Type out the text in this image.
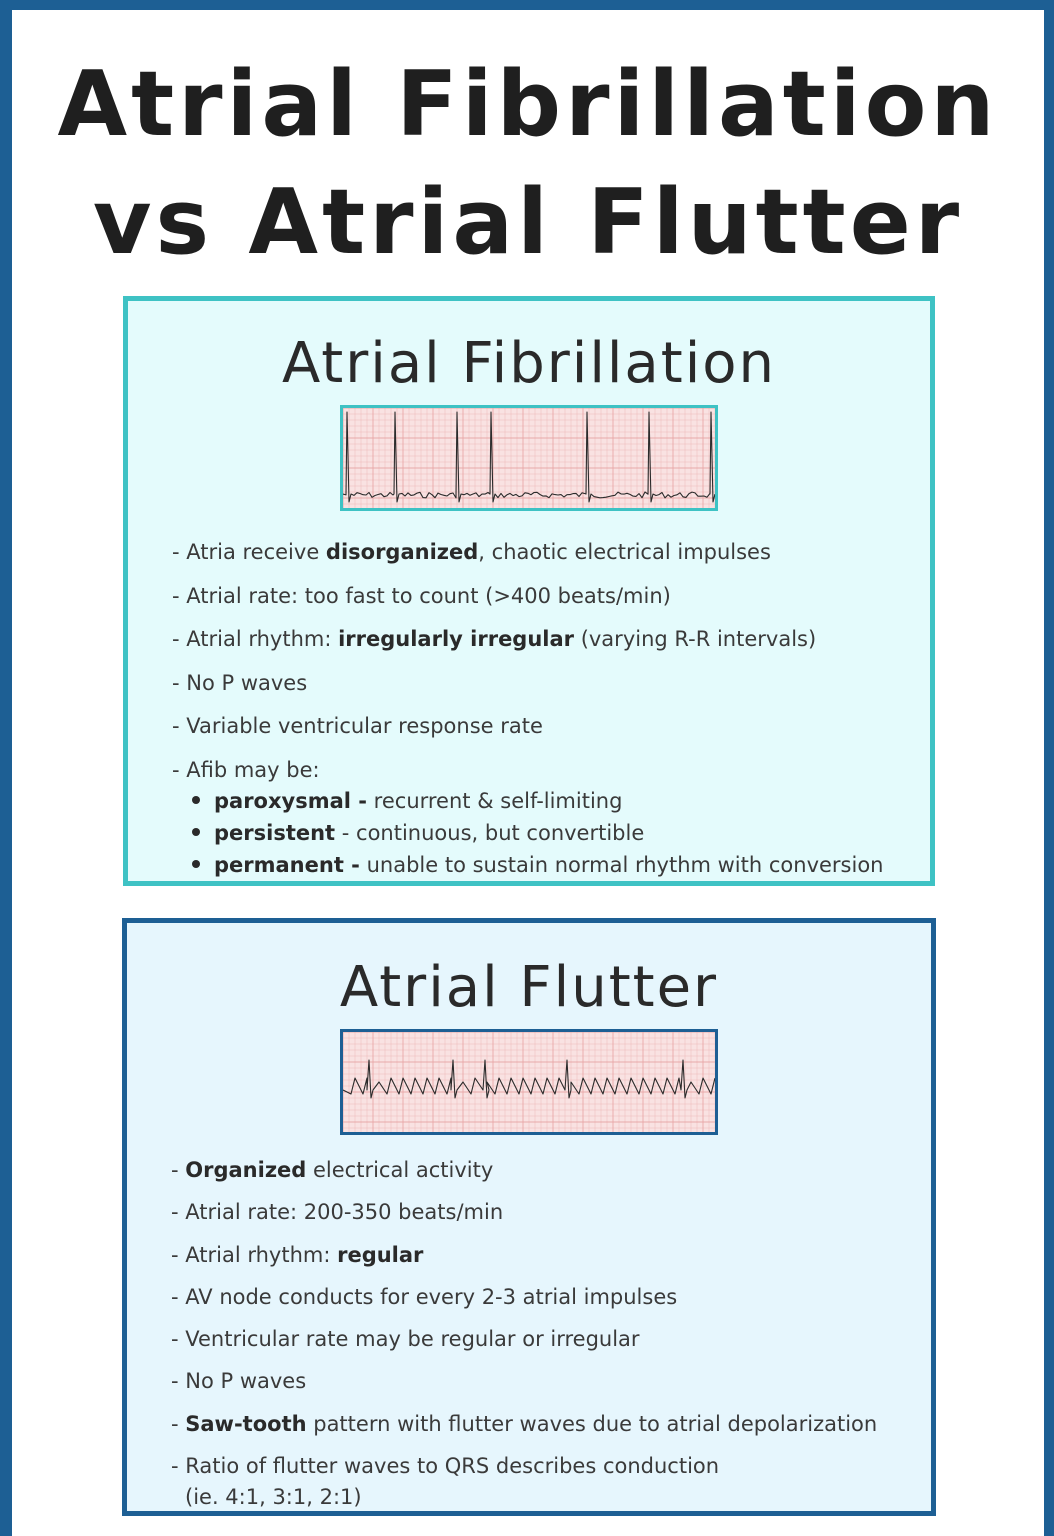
Atrial Fibrillation
vs Atrial Flutter
Atrial Fibrillation
- Atria receive disorganized, chaotic electrical impulses
- Atrial rate: too fast to count (>400 beats/min)
- Atrial rhythm: irregularly irregular (varying R-R intervals)
- No P waves
- Variable ventricular response rate
- Afib may be:
paroxysmal - recurrent & self-limiting
persistent - continuous, but convertible
permanent - unable to sustain normal rhythm with conversion
Atrial Flutter
- Organized electrical activity
- Atrial rate: 200-350 beats/min
- Atrial rhythm: regular
- AV node conducts for every 2-3 atrial impulses
- Ventricular rate may be regular or irregular
- No P waves
- Saw-tooth pattern with flutter waves due to atrial depolarization
- Ratio of flutter waves to QRS describes conduction
(ie. 4:1, 3:1, 2:1)
